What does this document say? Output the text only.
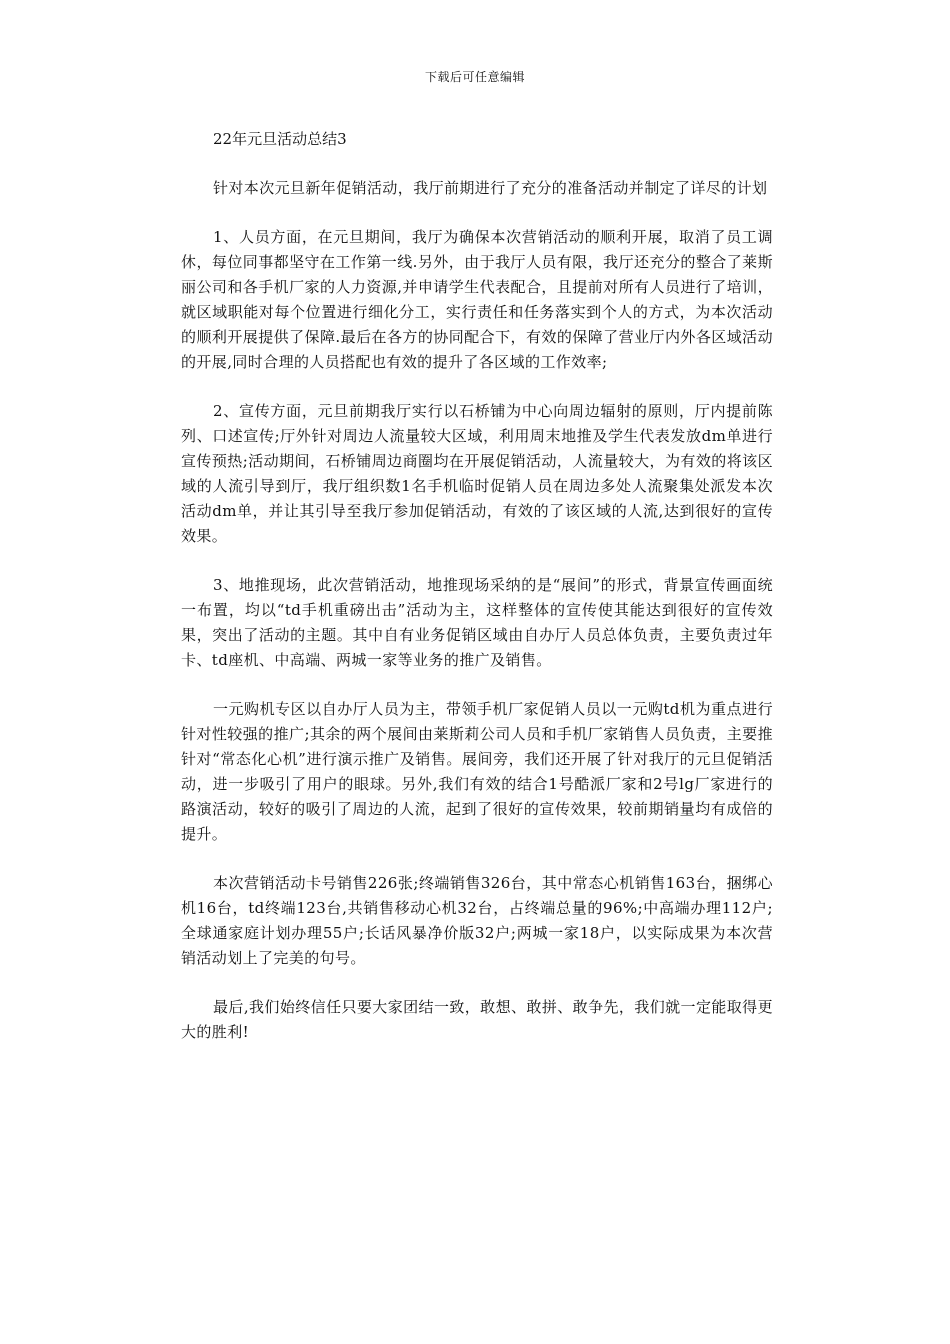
下载后可任意编辑
22年元旦活动总结3

针对本次元旦新年促销活动，我厅前期进行了充分的准备活动并制定了详尽的计划

1、人员方面，在元旦期间，我厅为确保本次营销活动的顺利开展，取消了员工调休，每位同事都坚守在工作第一线.另外，由于我厅人员有限，我厅还充分的整合了莱斯丽公司和各手机厂家的人力资源,并申请学生代表配合，且提前对所有人员进行了培训，就区域职能对每个位置进行细化分工，实行责任和任务落实到个人的方式，为本次活动的顺利开展提供了保障.最后在各方的协同配合下，有效的保障了营业厅内外各区域活动的开展,同时合理的人员搭配也有效的提升了各区域的工作效率;

2、宣传方面，元旦前期我厅实行以石桥铺为中心向周边辐射的原则，厅内提前陈列、口述宣传;厅外针对周边人流量较大区域，利用周末地推及学生代表发放dm单进行宣传预热;活动期间，石桥铺周边商圈均在开展促销活动，人流量较大，为有效的将该区域的人流引导到厅，我厅组织数1名手机临时促销人员在周边多处人流聚集处派发本次活动dm单，并让其引导至我厅参加促销活动，有效的了该区域的人流,达到很好的宣传效果。

3、地推现场，此次营销活动，地推现场采纳的是“展间”的形式，背景宣传画面统一布置，均以“td手机重磅出击”活动为主，这样整体的宣传使其能达到很好的宣传效果，突出了活动的主题。其中自有业务促销区域由自办厅人员总体负责，主要负责过年卡、td座机、中高端、两城一家等业务的推广及销售。

一元购机专区以自办厅人员为主，带领手机厂家促销人员以一元购td机为重点进行针对性较强的推广;其余的两个展间由莱斯莉公司人员和手机厂家销售人员负责，主要推针对“常态化心机”进行演示推广及销售。展间旁，我们还开展了针对我厅的元旦促销活动，进一步吸引了用户的眼球。另外,我们有效的结合1号酷派厂家和2号lg厂家进行的路演活动，较好的吸引了周边的人流，起到了很好的宣传效果，较前期销量均有成倍的提升。

本次营销活动卡号销售226张;终端销售326台，其中常态心机销售163台，捆绑心机16台，td终端123台,共销售移动心机32台，占终端总量的96%;中高端办理112户;全球通家庭计划办理55户;长话风暴净价版32户;两城一家18户，以实际成果为本次营销活动划上了完美的句号。

最后,我们始终信任只要大家团结一致，敢想、敢拼、敢争先，我们就一定能取得更大的胜利!
